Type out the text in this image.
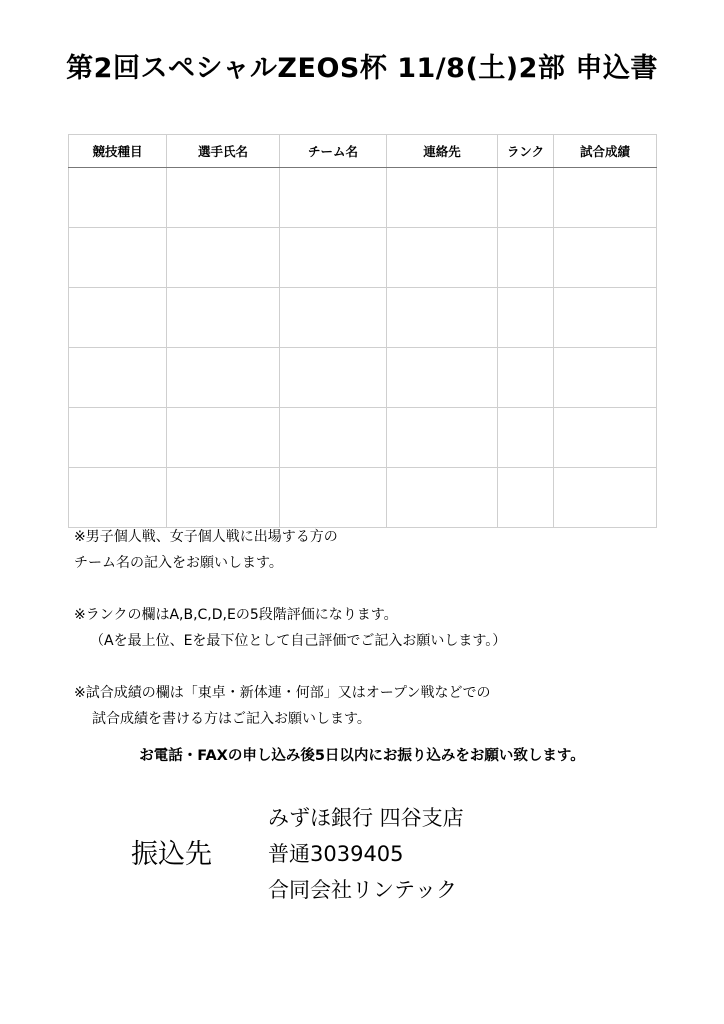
第2回スペシャルZEOS杯 11/8(土)2部 申込書
競技種目	選手氏名	チーム名	連絡先	ランク	試合成績

※男子個人戦、女子個人戦に出場する方の

チーム名の記入をお願いします。

※ランクの欄はA,B,C,D,Eの5段階評価になります。

（Aを最上位、Eを最下位として自己評価でご記入お願いします。）

※試合成績の欄は「東卓・新体連・何部」又はオープン戦などでの

試合成績を書ける方はご記入お願いします。

お電話・FAXの申し込み後5日以内にお振り込みをお願い致します。
振込先

みずほ銀行 四谷支店

普通3039405

合同会社リンテック
